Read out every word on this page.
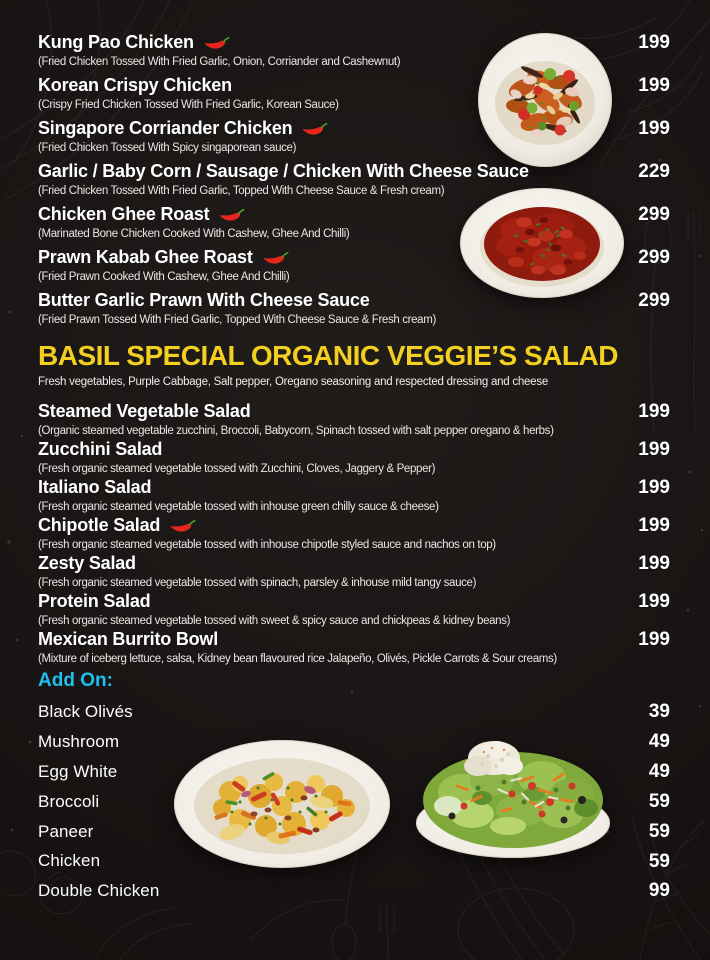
Kung Pao Chicken
(Fried Chicken Tossed With Fried Garlic, Onion, Corriander and Cashewnut)
199
Korean Crispy Chicken
(Crispy Fried Chicken Tossed With Fried Garlic, Korean Sauce)
199
Singapore Corriander Chicken
(Fried Chicken Tossed With Spicy singaporean sauce)
199
Garlic / Baby Corn / Sausage / Chicken With Cheese Sauce
(Fried Chicken Tossed With Fried Garlic, Topped With Cheese Sauce & Fresh cream)
229
Chicken Ghee Roast
(Marinated Bone Chicken Cooked With Cashew, Ghee And Chilli)
299
Prawn Kabab Ghee Roast
(Fried Prawn Cooked With Cashew, Ghee And Chilli)
299
Butter Garlic Prawn With Cheese Sauce
(Fried Prawn Tossed With Fried Garlic, Topped With Cheese Sauce & Fresh cream)
299
BASIL SPECIAL ORGANIC VEGGIE’S SALAD
Fresh vegetables, Purple Cabbage, Salt pepper, Oregano seasoning and respected dressing and cheese
Steamed Vegetable Salad
(Organic steamed vegetable zucchini, Broccoli, Babycorn, Spinach tossed with salt pepper oregano & herbs)
199
Zucchini Salad
(Fresh organic steamed vegetable tossed with Zucchini, Cloves, Jaggery & Pepper)
199
Italiano Salad
(Fresh organic steamed vegetable tossed with inhouse green chilly sauce & cheese)
199
Chipotle Salad
(Fresh organic steamed vegetable tossed with inhouse chipotle styled sauce and nachos on top)
199
Zesty Salad
(Fresh organic steamed vegetable tossed with spinach, parsley & inhouse mild tangy sauce)
199
Protein Salad
(Fresh organic steamed vegetable tossed with sweet & spicy sauce and chickpeas & kidney beans)
199
Mexican Burrito Bowl
(Mixture of iceberg lettuce, salsa, Kidney bean flavoured rice Jalapeño, Olivés, Pickle Carrots & Sour creams)
199
Add On:
Black Olivés	39
Mushroom	49
Egg White	49
Broccoli	59
Paneer	59
Chicken	59
Double Chicken	99
